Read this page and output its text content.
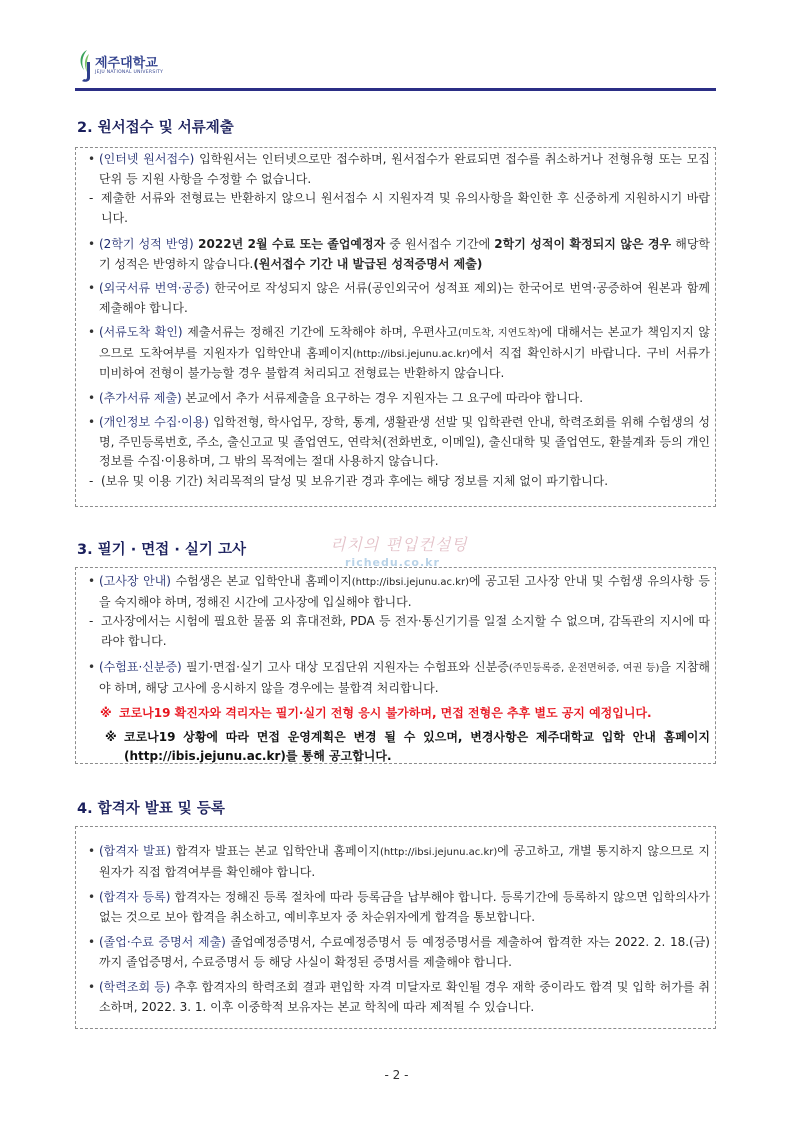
제주대학교
JEJU NATIONAL UNIVERSITY
2. 원서접수 및 서류제출

• (인터넷 원서접수) 입학원서는 인터넷으로만 접수하며, 원서접수가 완료되면 접수를 취소하거나 전형유형 또는 모집단위 등 지원 사항을 수정할 수 없습니다.

- 제출한 서류와 전형료는 반환하지 않으니 원서접수 시 지원자격 및 유의사항을 확인한 후 신중하게 지원하시기 바랍니다.

• (2학기 성적 반영) 2022년 2월 수료 또는 졸업예정자 중 원서접수 기간에 2학기 성적이 확정되지 않은 경우 해당학기 성적은 반영하지 않습니다.(원서접수 기간 내 발급된 성적증명서 제출)

• (외국서류 번역·공증) 한국어로 작성되지 않은 서류(공인외국어 성적표 제외)는 한국어로 번역·공증하여 원본과 함께 제출해야 합니다.

• (서류도착 확인) 제출서류는 정해진 기간에 도착해야 하며, 우편사고(미도착, 지연도착)에 대해서는 본교가 책임지지 않으므로 도착여부를 지원자가 입학안내 홈페이지(http://ibsi.jejunu.ac.kr)에서 직접 확인하시기 바랍니다. 구비 서류가 미비하여 전형이 불가능할 경우 불합격 처리되고 전형료는 반환하지 않습니다.

• (추가서류 제출) 본교에서 추가 서류제출을 요구하는 경우 지원자는 그 요구에 따라야 합니다.

• (개인정보 수집·이용) 입학전형, 학사업무, 장학, 통계, 생활관생 선발 및 입학관련 안내, 학력조회를 위해 수험생의 성명, 주민등록번호, 주소, 출신고교 및 졸업연도, 연락처(전화번호, 이메일), 출신대학 및 졸업연도, 환불계좌 등의 개인정보를 수집·이용하며, 그 밖의 목적에는 절대 사용하지 않습니다.

- (보유 및 이용 기간) 처리목적의 달성 및 보유기관 경과 후에는 해당 정보를 지체 없이 파기합니다.

3. 필기 · 면접 · 실기 고사	리치의 편입컨설팅
richedu.co.kr

• (고사장 안내) 수험생은 본교 입학안내 홈페이지(http://ibsi.jejunu.ac.kr)에 공고된 고사장 안내 및 수험생 유의사항 등을 숙지해야 하며, 정해진 시간에 고사장에 입실해야 합니다.

- 고사장에서는 시험에 필요한 물품 외 휴대전화, PDA 등 전자·통신기기를 일절 소지할 수 없으며, 감독관의 지시에 따라야 합니다.

• (수험표·신분증) 필기·면접·실기 고사 대상 모집단위 지원자는 수험표와 신분증(주민등록증, 운전면허증, 여권 등)을 지참해야 하며, 해당 고사에 응시하지 않을 경우에는 불합격 처리합니다.

※ 코로나19 확진자와 격리자는 필기·실기 전형 응시 불가하며, 면접 전형은 추후 별도 공지 예정입니다.

※ 코로나19 상황에 따라 면접 운영계획은 변경 될 수 있으며, 변경사항은 제주대학교 입학 안내 홈페이지(http://ibis.jejunu.ac.kr)를 통해 공고합니다.

4. 합격자 발표 및 등록

• (합격자 발표) 합격자 발표는 본교 입학안내 홈페이지(http://ibsi.jejunu.ac.kr)에 공고하고, 개별 통지하지 않으므로 지원자가 직접 합격여부를 확인해야 합니다.

• (합격자 등록) 합격자는 정해진 등록 절차에 따라 등록금을 납부해야 합니다. 등록기간에 등록하지 않으면 입학의사가 없는 것으로 보아 합격을 취소하고, 예비후보자 중 차순위자에게 합격을 통보합니다.

• (졸업·수료 증명서 제출) 졸업예정증명서, 수료예정증명서 등 예정증명서를 제출하여 합격한 자는 2022. 2. 18.(금)까지 졸업증명서, 수료증명서 등 해당 사실이 확정된 증명서를 제출해야 합니다.

• (학력조회 등) 추후 합격자의 학력조회 결과 편입학 자격 미달자로 확인될 경우 재학 중이라도 합격 및 입학 허가를 취소하며, 2022. 3. 1. 이후 이중학적 보유자는 본교 학칙에 따라 제적될 수 있습니다.

- 2 -
